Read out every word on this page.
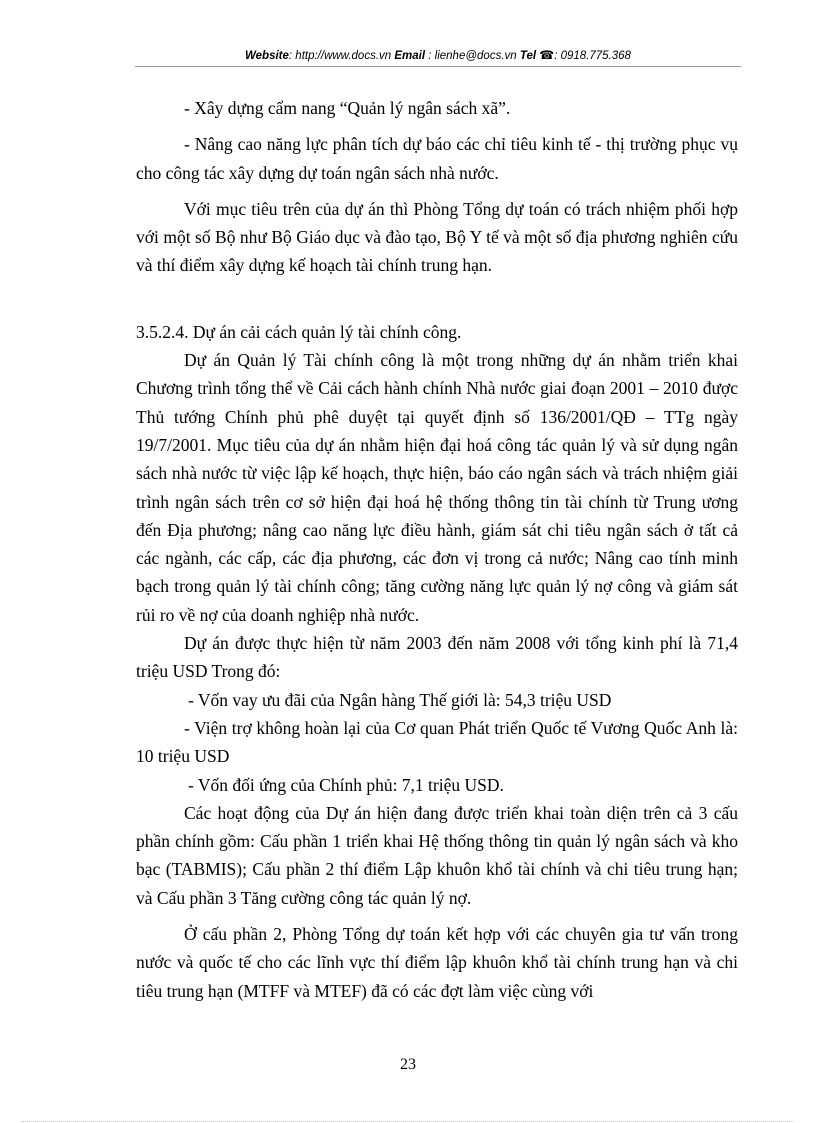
Website: http://www.docs.vn Email : lienhe@docs.vn Tel ☎: 0918.775.368

- Xây dựng cẩm nang “Quản lý ngân sách xã”.

- Nâng cao năng lực phân tích dự báo các chỉ tiêu kinh tế - thị trường phục vụ cho công tác xây dựng dự toán ngân sách nhà nước.

Với mục tiêu trên của dự án thì Phòng Tổng dự toán có trách nhiệm phối hợp với một số Bộ như Bộ Giáo dục và đào tạo, Bộ Y tế và một số địa phương nghiên cứu và thí điểm xây dựng kế hoạch tài chính trung hạn.

3.5.2.4. Dự án cải cách quản lý tài chính công.

Dự án Quản lý Tài chính công là một trong những dự án nhằm triển khai Chương trình tổng thể về Cải cách hành chính Nhà nước giai đoạn 2001 – 2010 được Thủ tướng Chính phủ phê duyệt tại quyết định số 136/2001/QĐ – TTg ngày 19/7/2001. Mục tiêu của dự án nhằm hiện đại hoá công tác quản lý và sử dụng ngân sách nhà nước từ việc lập kế hoạch, thực hiện, báo cáo ngân sách và trách nhiệm giải trình ngân sách trên cơ sở hiện đại hoá hệ thống thông tin tài chính từ Trung ương đến Địa phương; nâng cao năng lực điều hành, giám sát chi tiêu ngân sách ở tất cả các ngành, các cấp, các địa phương, các đơn vị trong cả nước; Nâng cao tính minh bạch trong quản lý tài chính công; tăng cường năng lực quản lý nợ công và giám sát rủi ro về nợ của doanh nghiệp nhà nước.

Dự án được thực hiện từ năm 2003 đến năm 2008 với tổng kinh phí là 71,4 triệu USD Trong đó:

- Vốn vay ưu đãi của Ngân hàng Thế giới là: 54,3 triệu USD

- Viện trợ không hoàn lại của Cơ quan Phát triển Quốc tế Vương Quốc Anh là: 10 triệu USD

- Vốn đối ứng của Chính phủ: 7,1 triệu USD.

Các hoạt động của Dự án hiện đang được triển khai toàn diện trên cả 3 cấu phần chính gồm: Cấu phần 1 triển khai Hệ thống thông tin quản lý ngân sách và kho bạc (TABMIS); Cấu phần 2 thí điểm Lập khuôn khổ tài chính và chi tiêu trung hạn; và Cấu phần 3 Tăng cường công tác quản lý nợ.

Ở cấu phần 2, Phòng Tổng dự toán kết hợp với các chuyên gia tư vấn trong nước và quốc tế cho các lĩnh vực thí điểm lập khuôn khổ tài chính trung hạn và chi tiêu trung hạn (MTFF và MTEF) đã có các đợt làm việc cùng với

23
